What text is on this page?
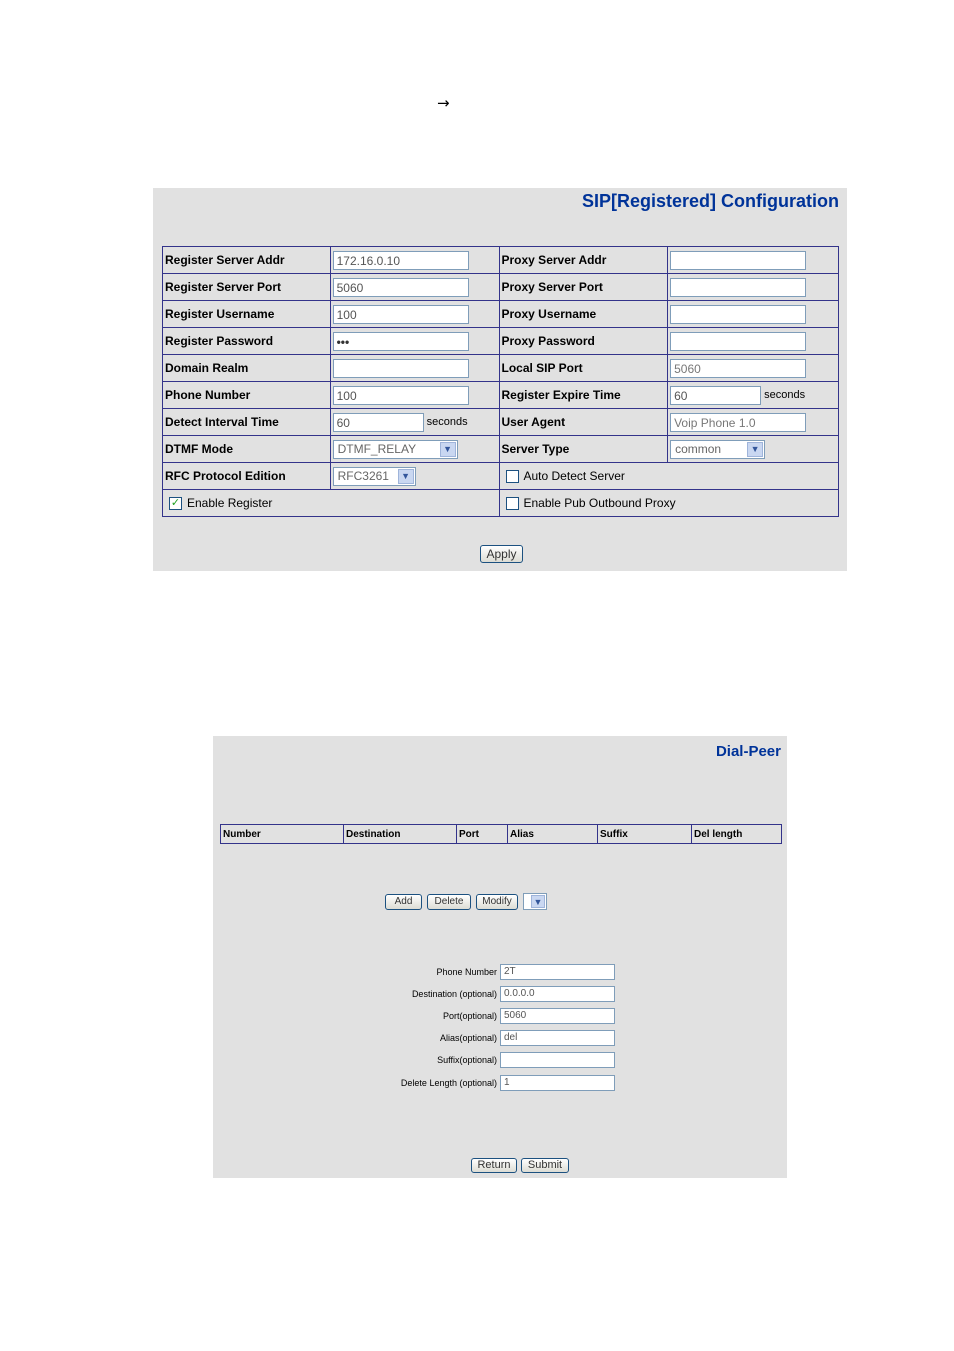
→
SIP[Registered] Configuration
Register Server Addr	172.16.0.10	Proxy Server Addr	
Register Server Port	5060	Proxy Server Port	
Register Username	100	Proxy Username	
Register Password	•••	Proxy Password	
Domain Realm		Local SIP Port	5060
Phone Number	100	Register Expire Time	60 seconds
Detect Interval Time	60 seconds	User Agent	Voip Phone 1.0
DTMF Mode	DTMF_RELAY ▼	Server Type	common ▼

RFC Protocol Edition	RFC3261 ▼	Auto Detect Server	
✓ Enable Register		Enable Pub Outbound Proxy	
Apply
Dial-Peer
Number	Destination	Port	Alias	Suffix	Del length
Add	Delete	Modify	▼
Phone Number 2T
Destination (optional) 0.0.0.0
Port(optional) 5060
Alias(optional) del
Suffix(optional)
Delete Length (optional) 1
Return	Submit
